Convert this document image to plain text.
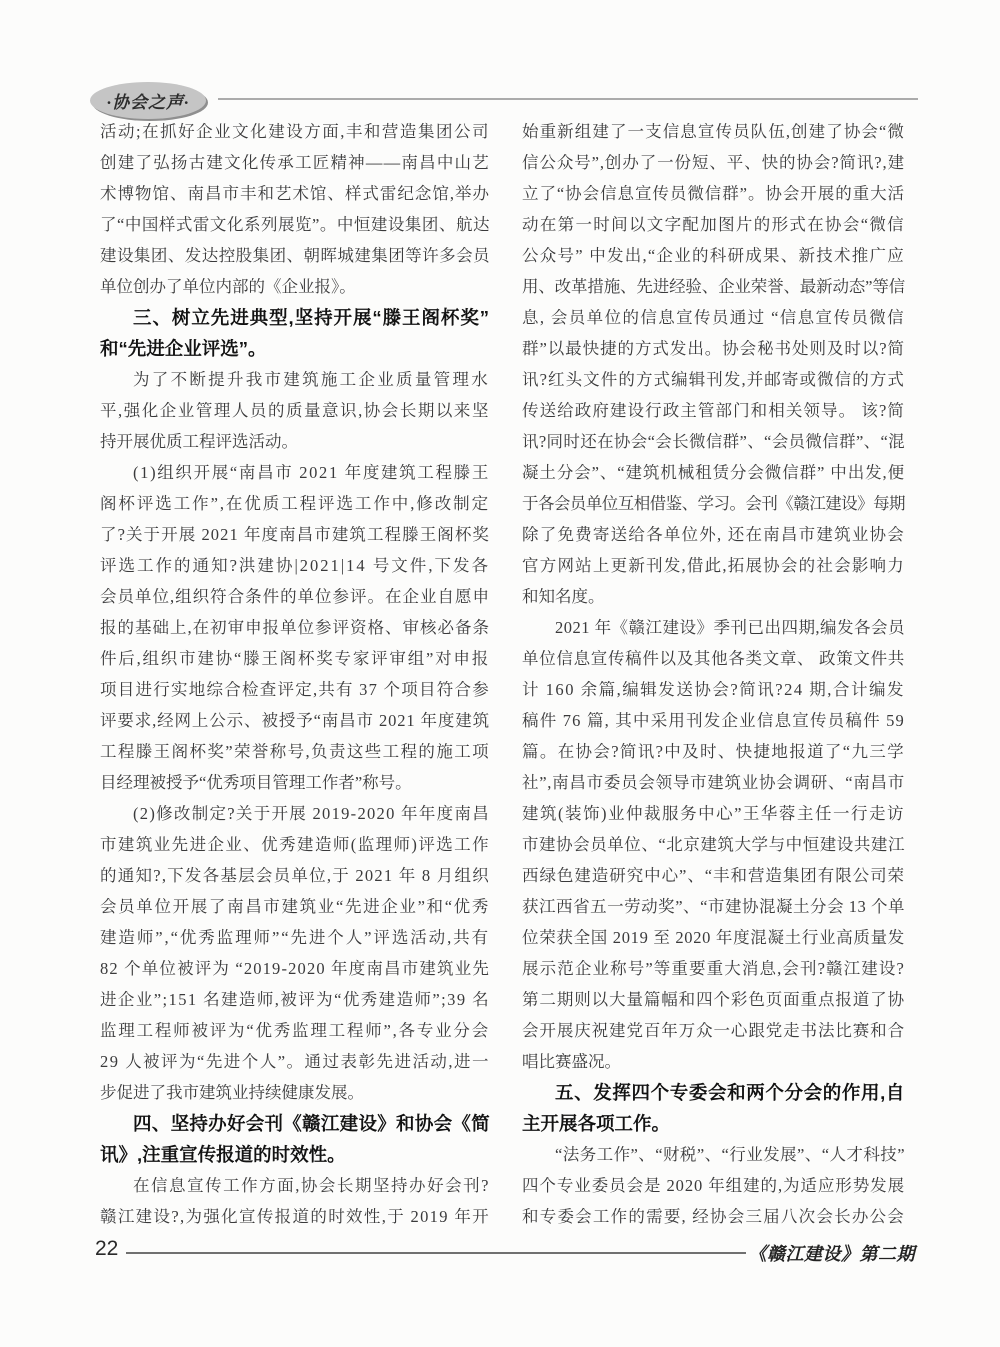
·协会之声·
活动;在抓好企业文化建设方面,丰和营造集团公司
创建了弘扬古建文化传承工匠精神——南昌中山艺
术博物馆、南昌市丰和艺术馆、样式雷纪念馆,举办
了“中国样式雷文化系列展览”。中恒建设集团、航达
建设集团、发达控股集团、朝晖城建集团等许多会员
单位创办了单位内部的《企业报》。
三、树立先进典型,坚持开展“滕王阁杯奖”
和“先进企业评选”。
为了不断提升我市建筑施工企业质量管理水
平,强化企业管理人员的质量意识,协会长期以来坚
持开展优质工程评选活动。
(1)组织开展“南昌市 2021 年度建筑工程滕王
阁杯评选工作”,在优质工程评选工作中,修改制定
了?关于开展 2021 年度南昌市建筑工程滕王阁杯奖
评选工作的通知?洪建协|2021|14 号文件,下发各
会员单位,组织符合条件的单位参评。在企业自愿申
报的基础上,在初审申报单位参评资格、审核必备条
件后,组织市建协“滕王阁杯奖专家评审组”对申报
项目进行实地综合检查评定,共有 37 个项目符合参
评要求,经网上公示、被授予“南昌市 2021 年度建筑
工程滕王阁杯奖”荣誉称号,负责这些工程的施工项
目经理被授予“优秀项目管理工作者”称号。
(2)修改制定?关于开展 2019-2020 年年度南昌
市建筑业先进企业、优秀建造师(监理师)评选工作
的通知?,下发各基层会员单位,于 2021 年 8 月组织
会员单位开展了南昌市建筑业“先进企业”和“优秀
建造师”,“优秀监理师”“先进个人”评选活动,共有
82 个单位被评为 “2019-2020 年度南昌市建筑业先
进企业”;151 名建造师,被评为“优秀建造师”;39 名
监理工程师被评为“优秀监理工程师”,各专业分会
29 人被评为“先进个人”。通过表彰先进活动,进一
步促进了我市建筑业持续健康发展。
四、坚持办好会刊《赣江建设》和协会《简
讯》,注重宣传报道的时效性。
在信息宣传工作方面,协会长期坚持办好会刊?
赣江建设?,为强化宣传报道的时效性,于 2019 年开
始重新组建了一支信息宣传员队伍,创建了协会“微
信公众号”,创办了一份短、平、快的协会?简讯?,建
立了“协会信息宣传员微信群”。协会开展的重大活
动在第一时间以文字配加图片的形式在协会“微信
公众号” 中发出,“企业的科研成果、新技术推广应
用、改革措施、先进经验、企业荣誉、最新动态”等信
息, 会员单位的信息宣传员通过 “信息宣传员微信
群”以最快捷的方式发出。协会秘书处则及时以?简
讯?红头文件的方式编辑刊发,并邮寄或微信的方式
传送给政府建设行政主管部门和相关领导。 该?简
讯?同时还在协会“会长微信群”、“会员微信群”、“混
凝土分会”、“建筑机械租赁分会微信群” 中出发,便
于各会员单位互相借鉴、学习。会刊《赣江建设》每期
除了免费寄送给各单位外, 还在南昌市建筑业协会
官方网站上更新刊发,借此,拓展协会的社会影响力
和知名度。
2021 年《赣江建设》季刊已出四期,编发各会员
单位信息宣传稿件以及其他各类文章、 政策文件共
计 160 余篇,编辑发送协会?简讯?24 期,合计编发
稿件 76 篇, 其中采用刊发企业信息宣传员稿件 59
篇。在协会?简讯?中及时、快捷地报道了“九三学
社”,南昌市委员会领导市建筑业协会调研、“南昌市
建筑(装饰)业仲裁服务中心”王华蓉主任一行走访
市建协会员单位、“北京建筑大学与中恒建设共建江
西绿色建造研究中心”、“丰和营造集团有限公司荣
获江西省五一劳动奖”、“市建协混凝土分会 13 个单
位荣获全国 2019 至 2020 年度混凝土行业高质量发
展示范企业称号”等重要重大消息,会刊?赣江建设?
第二期则以大量篇幅和四个彩色页面重点报道了协
会开展庆祝建党百年万众一心跟党走书法比赛和合
唱比赛盛况。
五、发挥四个专委会和两个分会的作用,自
主开展各项工作。
“法务工作”、“财税”、“行业发展”、“人才科技”
四个专业委员会是 2020 年组建的,为适应形势发展
和专委会工作的需要, 经协会三届八次会长办公会
22	《赣江建设》第二期
